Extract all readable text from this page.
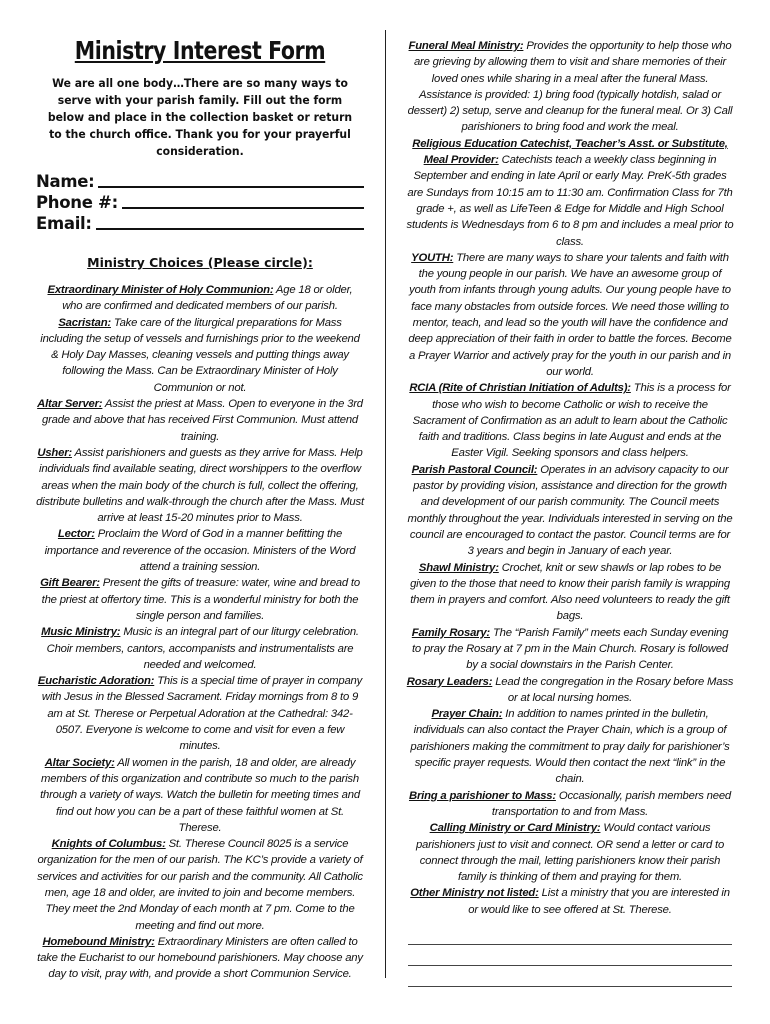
Ministry Interest Form

We are all one body…There are so many ways to serve with your parish family. Fill out the form below and place in the collection basket or return to the church office. Thank you for your prayerful consideration.

Name:
Phone #:
Email:
Ministry Choices (Please circle):

Extraordinary Minister of Holy Communion: Age 18 or older, who are confirmed and dedicated members of our parish.

Sacristan: Take care of the liturgical preparations for Mass including the setup of vessels and furnishings prior to the weekend & Holy Day Masses, cleaning vessels and putting things away following the Mass. Can be Extraordinary Minister of Holy Communion or not.

Altar Server: Assist the priest at Mass. Open to everyone in the 3rd grade and above that has received First Communion. Must attend training.

Usher: Assist parishioners and guests as they arrive for Mass. Help individuals find available seating, direct worshippers to the overflow areas when the main body of the church is full, collect the offering, distribute bulletins and walk-through the church after the Mass. Must arrive at least 15-20 minutes prior to Mass.

Lector: Proclaim the Word of God in a manner befitting the importance and reverence of the occasion. Ministers of the Word attend a training session.

Gift Bearer: Present the gifts of treasure: water, wine and bread to the priest at offertory time. This is a wonderful ministry for both the single person and families.

Music Ministry: Music is an integral part of our liturgy celebration. Choir members, cantors, accompanists and instrumentalists are needed and welcomed.

Eucharistic Adoration: This is a special time of prayer in company with Jesus in the Blessed Sacrament. Friday mornings from 8 to 9 am at St. Therese or Perpetual Adoration at the Cathedral: 342-0507. Everyone is welcome to come and visit for even a few minutes.

Altar Society: All women in the parish, 18 and older, are already members of this organization and contribute so much to the parish through a variety of ways. Watch the bulletin for meeting times and find out how you can be a part of these faithful women at St. Therese.

Knights of Columbus: St. Therese Council 8025 is a service organization for the men of our parish. The KC’s provide a variety of services and activities for our parish and the community. All Catholic men, age 18 and older, are invited to join and become members. They meet the 2nd Monday of each month at 7 pm. Come to the meeting and find out more.

Homebound Ministry: Extraordinary Ministers are often called to take the Eucharist to our homebound parishioners. May choose any day to visit, pray with, and provide a short Communion Service.

Funeral Meal Ministry: Provides the opportunity to help those who are grieving by allowing them to visit and share memories of their loved ones while sharing in a meal after the funeral Mass. Assistance is provided: 1) bring food (typically hotdish, salad or dessert) 2) setup, serve and cleanup for the funeral meal. Or 3) Call parishioners to bring food and work the meal.

Religious Education Catechist, Teacher’s Asst. or Substitute, Meal Provider: Catechists teach a weekly class beginning in September and ending in late April or early May. PreK-5th grades are Sundays from 10:15 am to 11:30 am. Confirmation Class for 7th grade +, as well as LifeTeen & Edge for Middle and High School students is Wednesdays from 6 to 8 pm and includes a meal prior to class.

YOUTH: There are many ways to share your talents and faith with the young people in our parish. We have an awesome group of youth from infants through young adults. Our young people have to face many obstacles from outside forces. We need those willing to mentor, teach, and lead so the youth will have the confidence and deep appreciation of their faith in order to battle the forces. Become a Prayer Warrior and actively pray for the youth in our parish and in our world.

RCIA (Rite of Christian Initiation of Adults): This is a process for those who wish to become Catholic or wish to receive the Sacrament of Confirmation as an adult to learn about the Catholic faith and traditions. Class begins in late August and ends at the Easter Vigil. Seeking sponsors and class helpers.

Parish Pastoral Council: Operates in an advisory capacity to our pastor by providing vision, assistance and direction for the growth and development of our parish community. The Council meets monthly throughout the year. Individuals interested in serving on the council are encouraged to contact the pastor. Council terms are for 3 years and begin in January of each year.

Shawl Ministry: Crochet, knit or sew shawls or lap robes to be given to the those that need to know their parish family is wrapping them in prayers and comfort. Also need volunteers to ready the gift bags.

Family Rosary: The “Parish Family” meets each Sunday evening to pray the Rosary at 7 pm in the Main Church. Rosary is followed by a social downstairs in the Parish Center.

Rosary Leaders: Lead the congregation in the Rosary before Mass or at local nursing homes.

Prayer Chain: In addition to names printed in the bulletin, individuals can also contact the Prayer Chain, which is a group of parishioners making the commitment to pray daily for parishioner’s specific prayer requests. Would then contact the next “link” in the chain.

Bring a parishioner to Mass: Occasionally, parish members need transportation to and from Mass.

Calling Ministry or Card Ministry: Would contact various parishioners just to visit and connect. OR send a letter or card to connect through the mail, letting parishioners know their parish family is thinking of them and praying for them.

Other Ministry not listed: List a ministry that you are interested in or would like to see offered at St. Therese.
